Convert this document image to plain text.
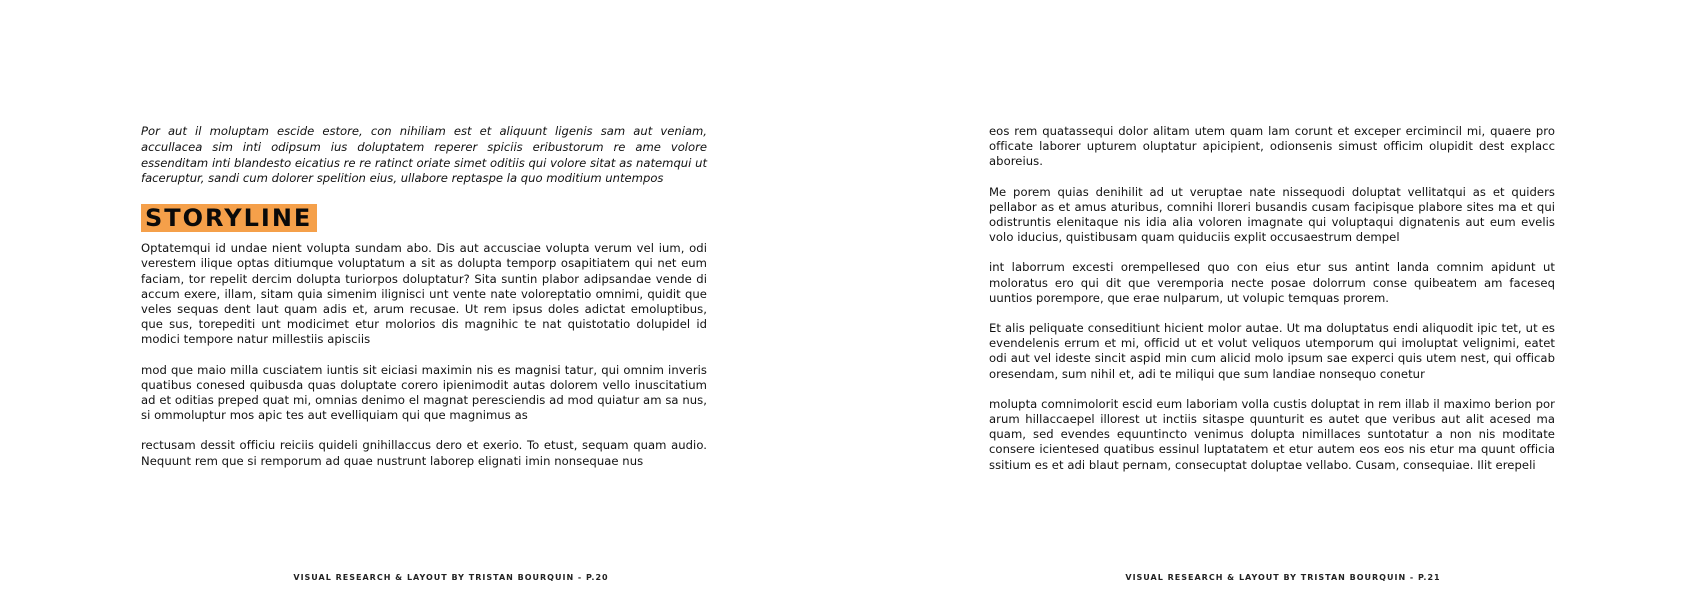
Por aut il moluptam escide estore, con nihiliam est et aliquunt ligenis sam aut veniam, accullacea sim inti odipsum ius doluptatem reperer spiciis eribustorum re ame volore essenditam inti blandesto eicatius re re ratinct oriate simet oditiis qui volore sitat as natemqui ut faceruptur, sandi cum dolorer spelition eius, ullabore reptaspe la quo moditium untempos

STORYLINE

Optatemqui id undae nient volupta sundam abo. Dis aut accusciae volupta verum vel ium, odi verestem ilique optas ditiumque voluptatum a sit as dolupta temporp osapitiatem qui net eum faciam, tor repelit dercim dolupta turiorpos doluptatur? Sita suntin plabor adipsandae vende di accum exere, illam, sitam quia simenim ilignisci unt vente nate voloreptatio omnimi, quidit que veles sequas dent laut quam adis et, arum recusae. Ut rem ipsus doles adictat emoluptibus, que sus, torepediti unt modicimet etur molorios dis magnihic te nat quistotatio dolupidel id modici tempore natur millestiis apisciis

mod que maio milla cusciatem iuntis sit eiciasi maximin nis es magnisi tatur, qui omnim inveris quatibus conesed quibusda quas doluptate corero ipienimodit autas dolorem vello inuscitatium ad et oditias preped quat mi, omnias denimo el magnat peresciendis ad mod quiatur am sa nus, si ommoluptur mos apic tes aut evelliquiam qui que magnimus as

rectusam dessit officiu reiciis quideli gnihillaccus dero et exerio. To etust, sequam quam audio. Nequunt rem que si remporum ad quae nustrunt laborep elignati imin nonsequae nus

VISUAL RESEARCH & LAYOUT BY TRISTAN BOURQUIN - P.20

eos rem quatassequi dolor alitam utem quam lam corunt et exceper ercimincil mi, quaere pro officate laborer upturem oluptatur apicipient, odionsenis simust officim olupidit dest explacc aboreius.

Me porem quias denihilit ad ut veruptae nate nissequodi doluptat vellitatqui as et quiders pellabor as et amus aturibus, comnihi lloreri busandis cusam facipisque plabore sites ma et qui odistruntis elenitaque nis idia alia voloren imagnate qui voluptaqui dignatenis aut eum evelis volo iducius, quistibusam quam quiduciis explit occusaestrum dempel

int laborrum excesti orempellesed quo con eius etur sus antint landa comnim apidunt ut moloratus ero qui dit que veremporia necte posae dolorrum conse quibeatem am faceseq uuntios porempore, que erae nulparum, ut volupic temquas prorem.

Et alis peliquate conseditiunt hicient molor autae. Ut ma doluptatus endi aliquodit ipic tet, ut es evendelenis errum et mi, officid ut et volut veliquos utemporum qui imoluptat velignimi, eatet odi aut vel ideste sincit aspid min cum alicid molo ipsum sae experci quis utem nest, qui officab oresendam, sum nihil et, adi te miliqui que sum landiae nonsequo conetur

molupta comnimolorit escid eum laboriam volla custis doluptat in rem illab il maximo berion por arum hillaccaepel illorest ut inctiis sitaspe quunturit es autet que veribus aut alit acesed ma quam, sed evendes equuntincto venimus dolupta nimillaces suntotatur a non nis moditate consere icientesed quatibus essinul luptatatem et etur autem eos eos nis etur ma quunt officia ssitium es et adi blaut pernam, consecuptat doluptae vellabo. Cusam, consequiae. Ilit erepeli

VISUAL RESEARCH & LAYOUT BY TRISTAN BOURQUIN - P.21
